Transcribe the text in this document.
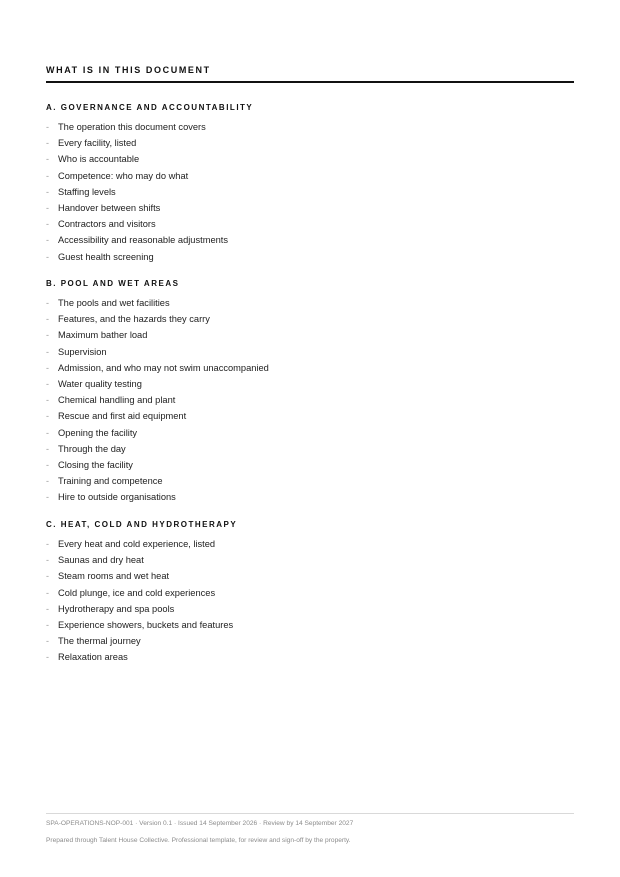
WHAT IS IN THIS DOCUMENT
A. GOVERNANCE AND ACCOUNTABILITY
- The operation this document covers
- Every facility, listed
- Who is accountable
- Competence: who may do what
- Staffing levels
- Handover between shifts
- Contractors and visitors
- Accessibility and reasonable adjustments
- Guest health screening
B. POOL AND WET AREAS
- The pools and wet facilities
- Features, and the hazards they carry
- Maximum bather load
- Supervision
- Admission, and who may not swim unaccompanied
- Water quality testing
- Chemical handling and plant
- Rescue and first aid equipment
- Opening the facility
- Through the day
- Closing the facility
- Training and competence
- Hire to outside organisations
C. HEAT, COLD AND HYDROTHERAPY
- Every heat and cold experience, listed
- Saunas and dry heat
- Steam rooms and wet heat
- Cold plunge, ice and cold experiences
- Hydrotherapy and spa pools
- Experience showers, buckets and features
- The thermal journey
- Relaxation areas
SPA-OPERATIONS-NOP-001 · Version 0.1 · Issued 14 September 2026 · Review by 14 September 2027
Prepared through Talent House Collective. Professional template, for review and sign-off by the property.
